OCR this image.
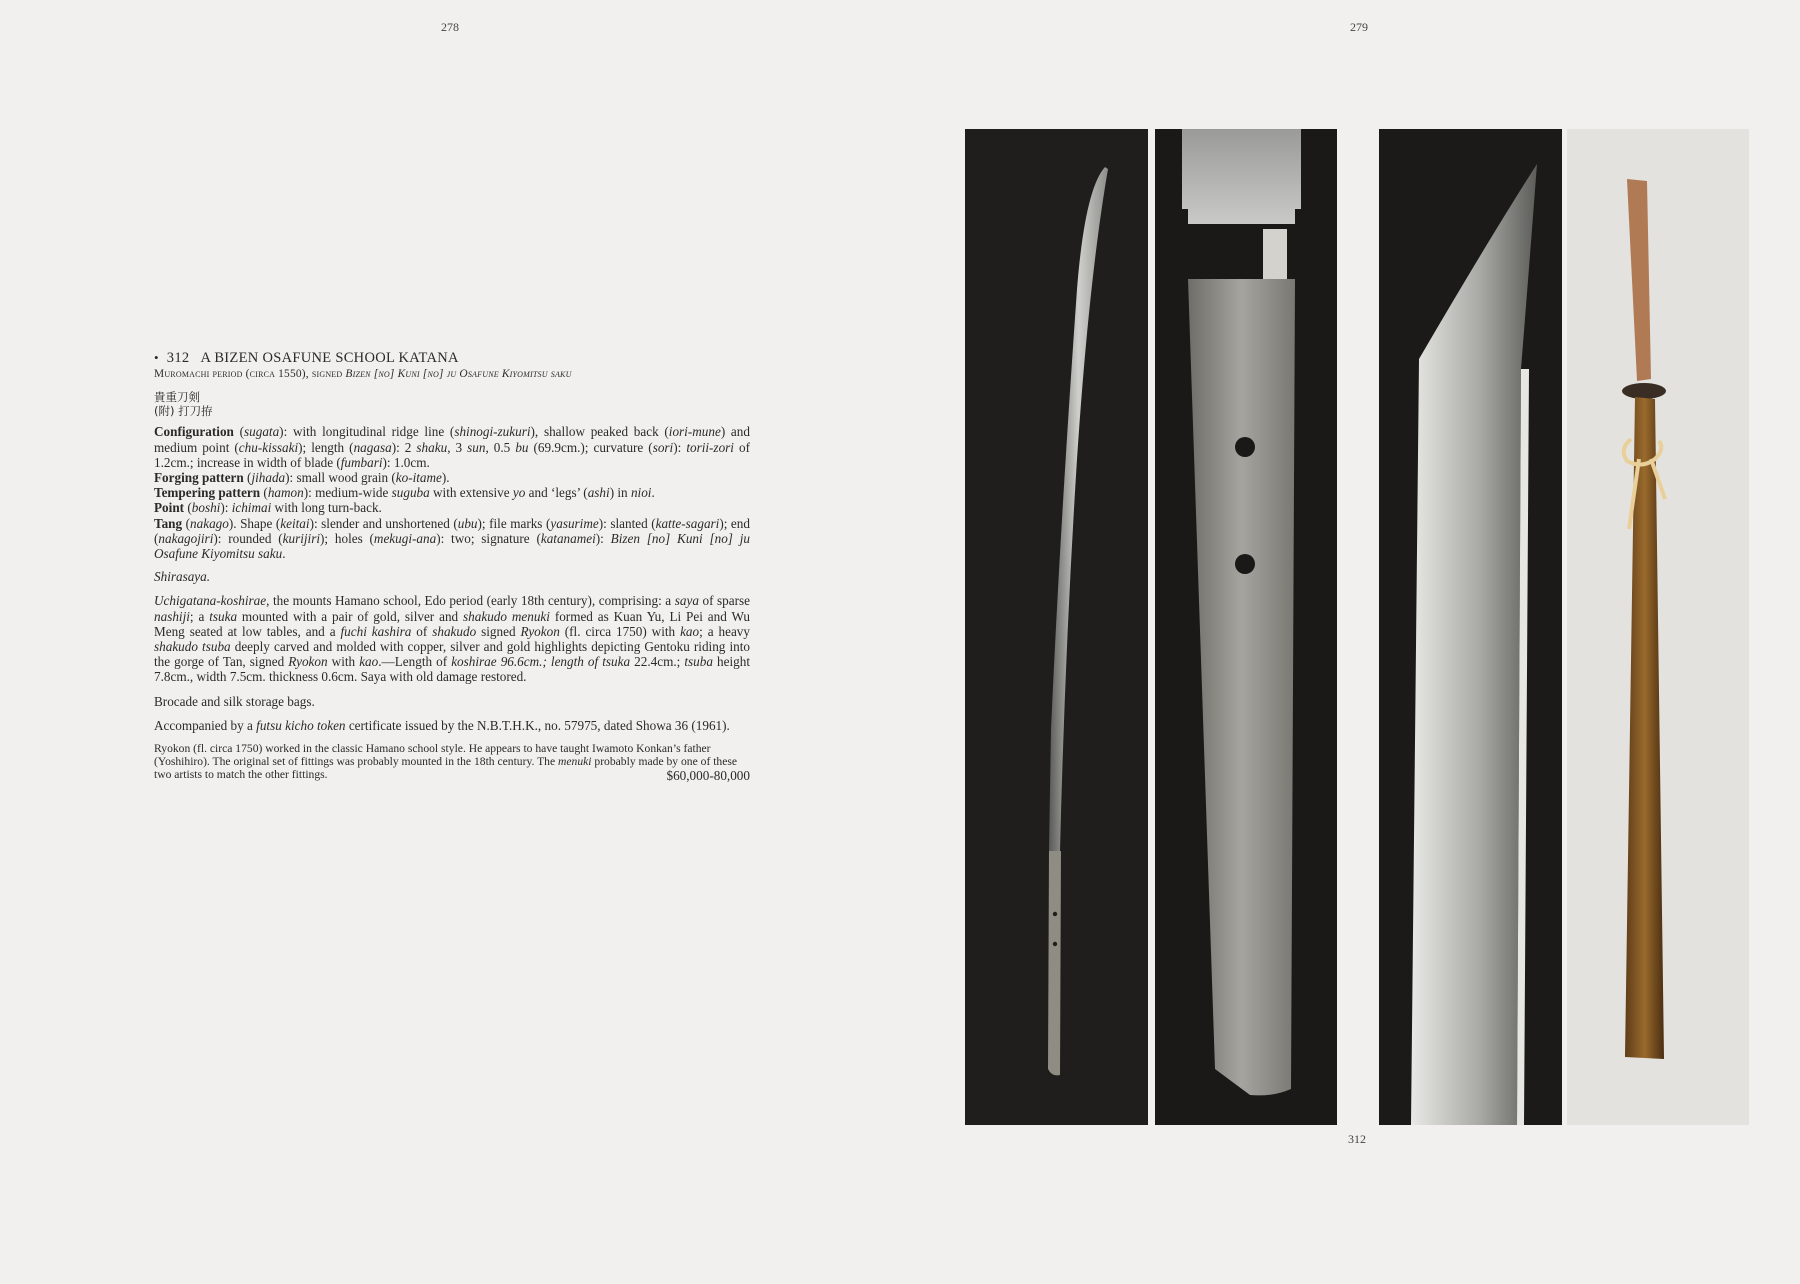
278	279
• 312 A BIZEN OSAFUNE SCHOOL KATANA
Muromachi period (circa 1550), signed Bizen [no] Kuni [no] ju Osafune Kiyomitsu saku
貴重刀剣
(附) 打刀拵

Configuration (sugata): with longitudinal ridge line (shinogi-zukuri), shallow peaked back (iori-mune) and medium point (chu-kissaki); length (nagasa): 2 shaku, 3 sun, 0.5 bu (69.9cm.); curvature (sori): torii-zori of 1.2cm.; increase in width of blade (fumbari): 1.0cm.

Forging pattern (jihada): small wood grain (ko-itame).

Tempering pattern (hamon): medium-wide suguba with extensive yo and ‘legs’ (ashi) in nioi.

Point (boshi): ichimai with long turn-back.

Tang (nakago). Shape (keitai): slender and unshortened (ubu); file marks (yasurime): slanted (katte-sagari); end (nakagojiri): rounded (kurijiri); holes (mekugi-ana): two; signature (katanamei): Bizen [no] Kuni [no] ju Osafune Kiyomitsu saku.

Shirasaya.

Uchigatana-koshirae, the mounts Hamano school, Edo period (early 18th century), comprising: a saya of sparse nashiji; a tsuka mounted with a pair of gold, silver and shakudo menuki formed as Kuan Yu, Li Pei and Wu Meng seated at low tables, and a fuchi kashira of shakudo signed Ryokon (fl. circa 1750) with kao; a heavy shakudo tsuba deeply carved and molded with copper, silver and gold highlights depicting Gentoku riding into the gorge of Tan, signed Ryokon with kao.—Length of koshirae 96.6cm.; length of tsuka 22.4cm.; tsuba height 7.8cm., width 7.5cm. thickness 0.6cm. Saya with old damage restored.

Brocade and silk storage bags.

Accompanied by a futsu kicho token certificate issued by the N.B.T.H.K., no. 57975, dated Showa 36 (1961).

Ryokon (fl. circa 1750) worked in the classic Hamano school style. He appears to have taught Iwamoto Konkan’s father (Yoshihiro). The original set of fittings was probably mounted in the 18th century. The menuki probably made by one of these two artists to match the other fittings.	$60,000-80,000
312
